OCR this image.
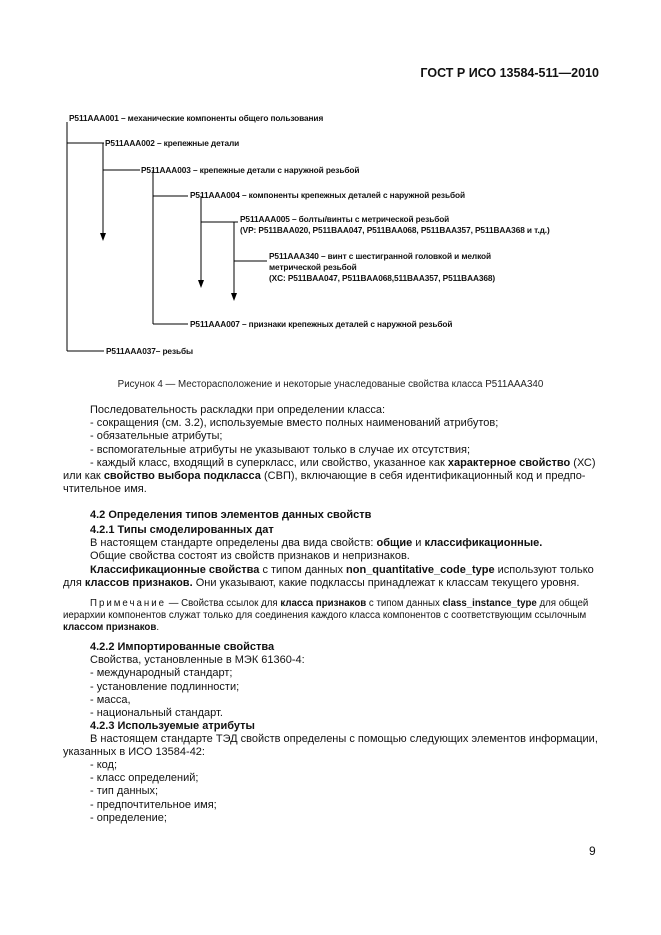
ГОСТ Р ИСО 13584-511—2010
P511AAA001 – механические компоненты общего пользования
P511AAA002 – крепежные детали
P511AAA003 – крепежные детали с наружной резьбой
P511AAA004 – компоненты крепежных деталей с наружной резьбой
P511AAA005 – болты/винты с метрической резьбой
(VP: P511BAA020, P511BAA047, P511BAA068, P511BAA357, P511BAA368 и т.д.)
P511AAA340 – винт с шестигранной головкой и мелкой
метрической резьбой
(XC: P511BAA047, P511BAA068,511BAA357, P511BAA368)
P511AAA007 – признаки крепежных деталей с наружной резьбой
P511AAA037– резьбы
Рисунок 4 — Месторасположение и некоторые унаследованые свойства класса P511AAA340

Последовательность раскладки при определении класса:

- сокращения (см. 3.2), используемые вместо полных наименований атрибутов;

- обязательные атрибуты;

- вспомогательные атрибуты не указывают только в случае их отсутствия;

- каждый класс, входящий в суперкласс, или свойство, указанное как характерное свойство (ХС)

или как свойство выбора подкласса (СВП), включающие в себя идентификационный код и предпо-

чтительное имя.

4.2 Определения типов элементов данных свойств

4.2.1 Типы смоделированных дат

В настоящем стандарте определены два вида свойств: общие и классификационные.

Общие свойства состоят из свойств признаков и непризнаков.

Классификационные свойства с типом данных non_quantitative_code_type используют только

для классов признаков. Они указывают, какие подклассы принадлежат к классам текущего уровня.

Примечание — Свойства ссылок для класса признаков с типом данных class_instance_type для общей

иерархии компонентов служат только для соединения каждого класса компонентов с соответствующим ссылочным

классом признаков.

4.2.2 Импортированные свойства

Свойства, установленные в МЭК 61360-4:

- международный стандарт;

- установление подлинности;

- масса,

- национальный стандарт.

4.2.3 Используемые атрибуты

В настоящем стандарте ТЭД свойств определены с помощью следующих элементов информации,

указанных в ИСО 13584-42:

- код;

- класс определений;

- тип данных;

- предпочтительное имя;

- определение;

9
